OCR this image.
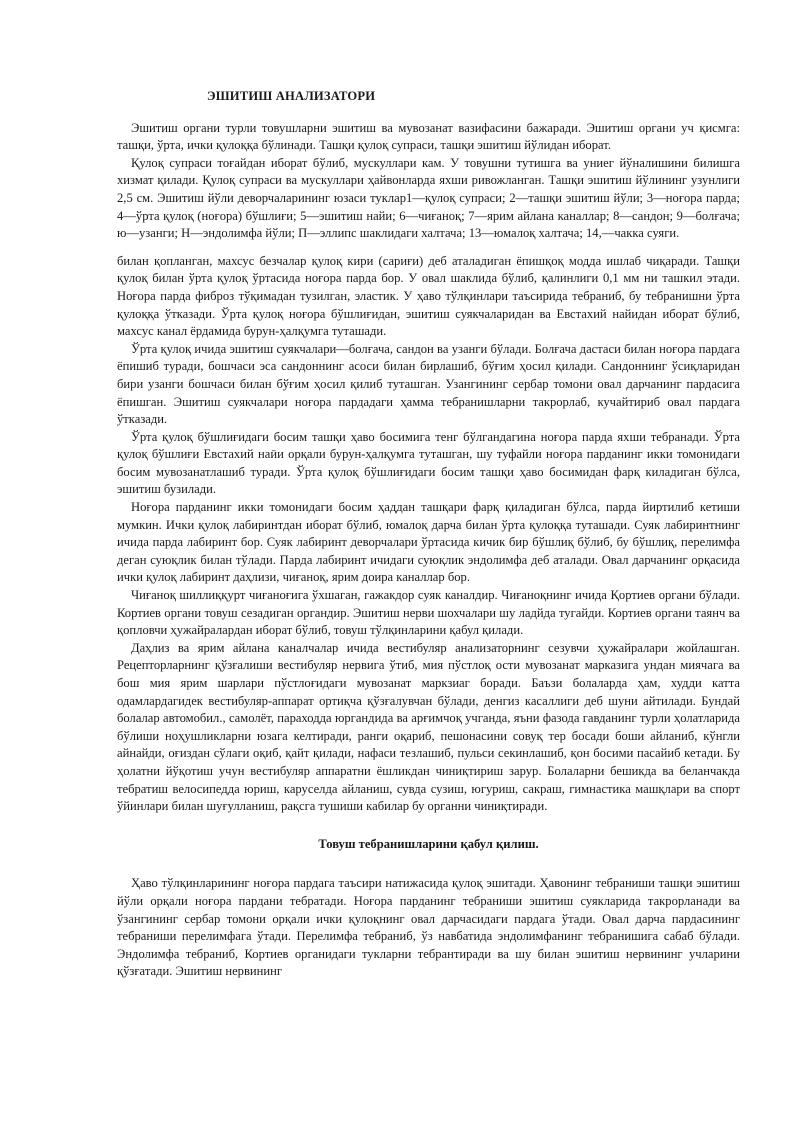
ЭШИТИШ АНАЛИЗАТОРИ

Эшитиш органи турли товушларни эшитиш ва мувозанат вазифасини бажаради. Эшитиш органи уч қисмга: ташқи, ўрта, ички қулоққа бўлинади. Ташқи қулоқ супраси, ташқи эшитиш йўлидан иборат.

Қулоқ супраси тоғайдан иборат бўлиб, мускуллари кам. У товушни тутишга ва униег йўналишини билишга хизмат қилади. Қулоқ супраси ва мускуллари ҳайвонларда яхши ривожланган. Ташқи эшитиш йўлининг узунлиги 2,5 см. Эшитиш йўли деворчаларининг юзаси туклар1—қулоқ супраси; 2—ташқи эшитиш йўли; 3—ноғора парда; 4—ўрта қулоқ (ноғора) бўшлиғи; 5—эшитиш найи; 6—чиғаноқ; 7—ярим айлана каналлар; 8—сандон; 9—болғача; ю—узанги; Н—эндолимфа йўли; П—эллипс шаклидаги халтача; 13—юмалоқ халтача; 14,—чакка суяги.

билан қопланган, махсус безчалар қулоқ кири (сариғи) деб аталадиган ёпишқоқ модда ишлаб чиқаради. Ташқи қулоқ билан ўрта қулоқ ўртасида ноғора парда бор. У овал шаклида бўлиб, қалинлиги 0,1 мм ни ташкил этади. Ноғора парда фиброз тўқимадан тузилган, эластик. У ҳаво тўлқинлари таъсирида тебраниб, бу тебранишни ўрта қулоққа ўтказади. Ўрта қулоқ ноғора бўшлиғидан, эшитиш суякчаларидан ва Евстахий найидан иборат бўлиб, махсус канал ёрдамида бурун-ҳалқумга туташади.

Ўрта қулоқ ичида эшитиш суякчалари—болғача, сандон ва узанги бўлади. Болғача дастаси билан ноғора пардага ёпишиб туради, бошчаси эса сандоннинг асоси билан бирлашиб, бўғим ҳосил қилади. Сандоннинг ўсиқларидан бири узанги бошчаси билан бўғим ҳосил қилиб туташган. Узангининг сербар томони овал дарчанинг пардасига ёпишган. Эшитиш суякчалари ноғора пардадаги ҳамма тебранишларни такрорлаб, кучайтириб овал пардага ўтказади.

Ўрта қулоқ бўшлиғидаги босим ташқи ҳаво босимига тенг бўлгандагина ноғора парда яхши тебранади. Ўрта қулоқ бўшлиғи Евстахий наӣи орқали бурун-ҳалқумга туташган, шу туфайли ноғора парданинг икки томонидаги босим мувозанатлашиб туради. Ўрта қулоқ бўшлиғидаги босим ташқи ҳаво босимидан фарқ киладиган бўлса, эшитиш бузилади.

Ноғора парданинг икки томонидаги босим ҳаддан ташқари фарқ қиладиган бўлса, парда йиртилиб кетиши мумкин. Ички қулоқ лабиринтдан иборат бўлиб, юмалоқ дарча билан ўрта қулоққа туташади. Суяк лабиринтнинг ичида парда лабиринт бор. Суяк лабиринт деворчалари ўртасида кичик бир бўшлиқ бўлиб, бу бўшлиқ, перелимфа деган суюқлик билан тўлади. Парда лабиринт ичидаги суюқлик эндолимфа деб аталади. Овал дарчанинг орқасида ички қулоқ лабиринт даҳлизи, чиғаноқ, ярим доира каналлар бор.

Чиғаноқ шиллиққурт чиғаноғига ўхшаган, гажакдор суяк каналдир. Чиғаноқнинг ичида Қортиев органи бўлади. Кортиев органи товуш сезадиган органдир. Эшитиш нерви шохчалари шу ладйда тугайди. Кортиев органи таянч ва қопловчи ҳужайралардан иборат бўлиб, товуш тўлқинларини қабул қилади.

Даҳлиз ва ярим айлана каналчалар ичида вестибуляр анализаторнинг сезувчи ҳужайралари жойлашган. Рецепторларнинг қўзғалиши вестибуляр нервига ўтиб, мия пўстлоқ ости мувозанат марказига ундан миячага ва бош мия ярим шарлари пўстлоғидаги мувозанат маркзиаг боради. Баъзи болаларда ҳам, худди катта одамлардагидек вестибуляр-аппарат ортиқча қўзғалувчан бўлади, денгиз касаллиги деб шуни айтилади. Бундай болалар автомобил., самолёт, параходда юргандида ва арғимчоқ учганда, яъни фазода гавданинг турли ҳолатларида бўлиши ноҳушликларни юзага келтиради, ранги оқариб, пешонасини совуқ тер босади боши айланиб, кўнгли айнайди, оғиздан сўлаги оқиб, қайт қилади, нафаси тезлашиб, пульси секинлашиб, қон босими пасайиб кетади. Бу ҳолатни йўқотиш учун вестибуляр аппаратни ёшликдан чиниқтириш зарур. Болаларни бешикда ва беланчакда тебратиш велосипедда юриш, каруселда айланиш, сувда сузиш, югуриш, сакраш, гимнастика машқлари ва спорт ўйинлари билан шуғулланиш, рақсга тушиши кабилар бу органни чиниқтиради.

Товуш тебранишларини қабул қилиш.

Ҳаво тўлқинларининг ноғора пардага таъсири натижасида қулоқ эшитади. Ҳавонинг тебраниши ташқи эшитиш йўли орқали ноғора пардани тебратади. Ноғора парданинг тебраниши эшитиш суякларида такрорланади ва ўзангининг сербар томони орқали ички қулоқнинг овал дарчасидаги пардага ўтади. Овал дарча пардасининг тебраниши перелимфага ўтади. Перелимфа тебраниб, ўз навбатида эндолимфанинг тебранишига сабаб бўлади. Эндолимфа тебраниб, Кортиев органидаги тукларни тебрантиради ва шу билан эшитиш нервининг учларини қўзғатади. Эшитиш нервининг
